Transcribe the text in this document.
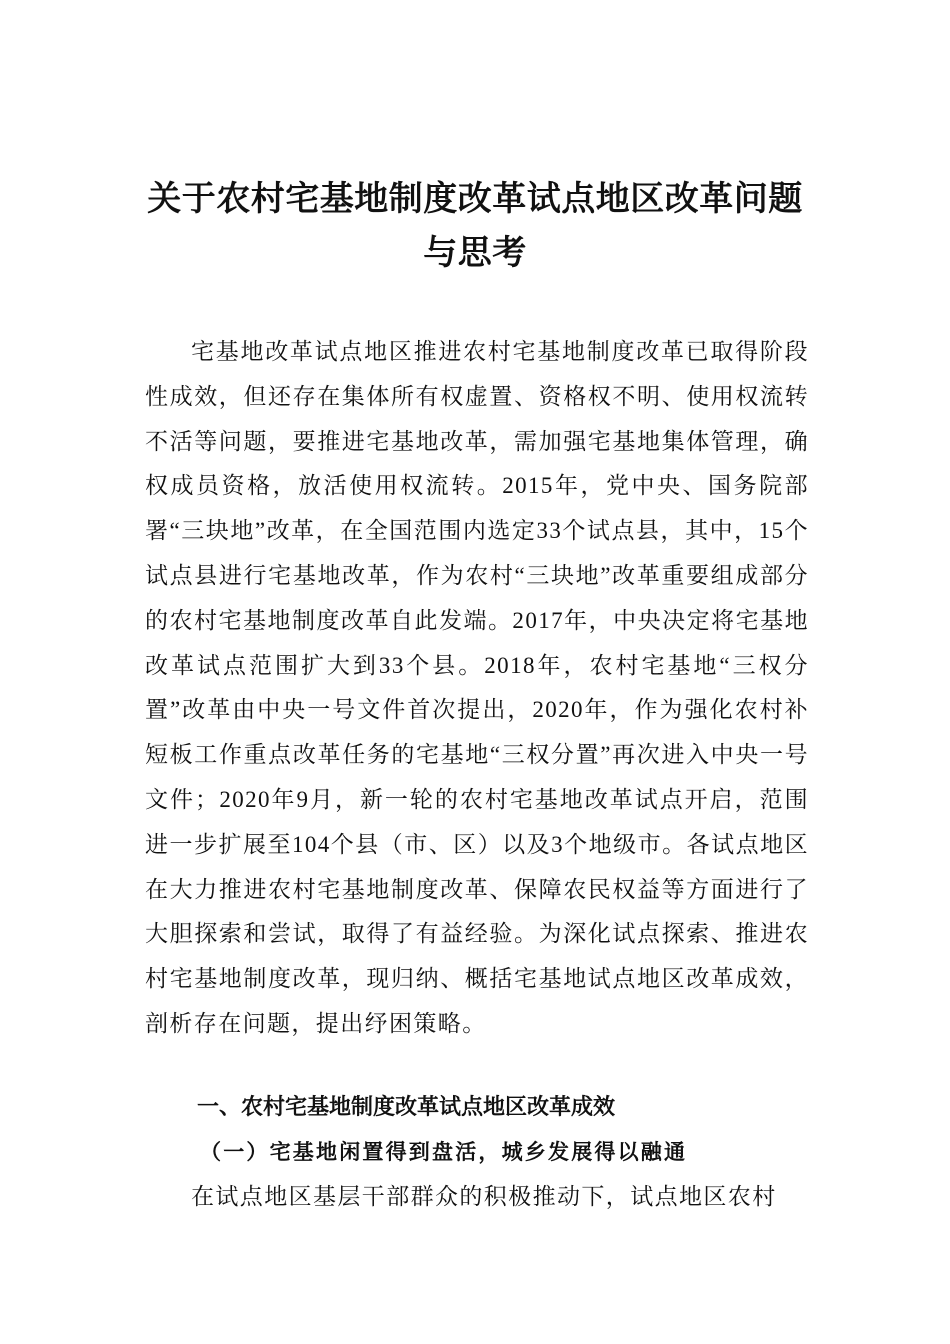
关于农村宅基地制度改革试点地区改革问题与思考

宅基地改革试点地区推进农村宅基地制度改革已取得阶段性成效，但还存在集体所有权虚置、资格权不明、使用权流转不活等问题，要推进宅基地改革，需加强宅基地集体管理，确权成员资格，放活使用权流转。2015年，党中央、国务院部署“三块地”改革，在全国范围内选定33个试点县，其中，15个试点县进行宅基地改革，作为农村“三块地”改革重要组成部分的农村宅基地制度改革自此发端。2017年，中央决定将宅基地改革试点范围扩大到33个县。2018年，农村宅基地“三权分置”改革由中央一号文件首次提出，2020年，作为强化农村补短板工作重点改革任务的宅基地“三权分置”再次进入中央一号文件；2020年9月，新一轮的农村宅基地改革试点开启，范围进一步扩展至104个县（市、区）以及3个地级市。各试点地区在大力推进农村宅基地制度改革、保障农民权益等方面进行了大胆探索和尝试，取得了有益经验。为深化试点探索、推进农村宅基地制度改革，现归纳、概括宅基地试点地区改革成效，剖析存在问题，提出纾困策略。

一、农村宅基地制度改革试点地区改革成效
（一）宅基地闲置得到盘活，城乡发展得以融通

在试点地区基层干部群众的积极推动下，试点地区农村
